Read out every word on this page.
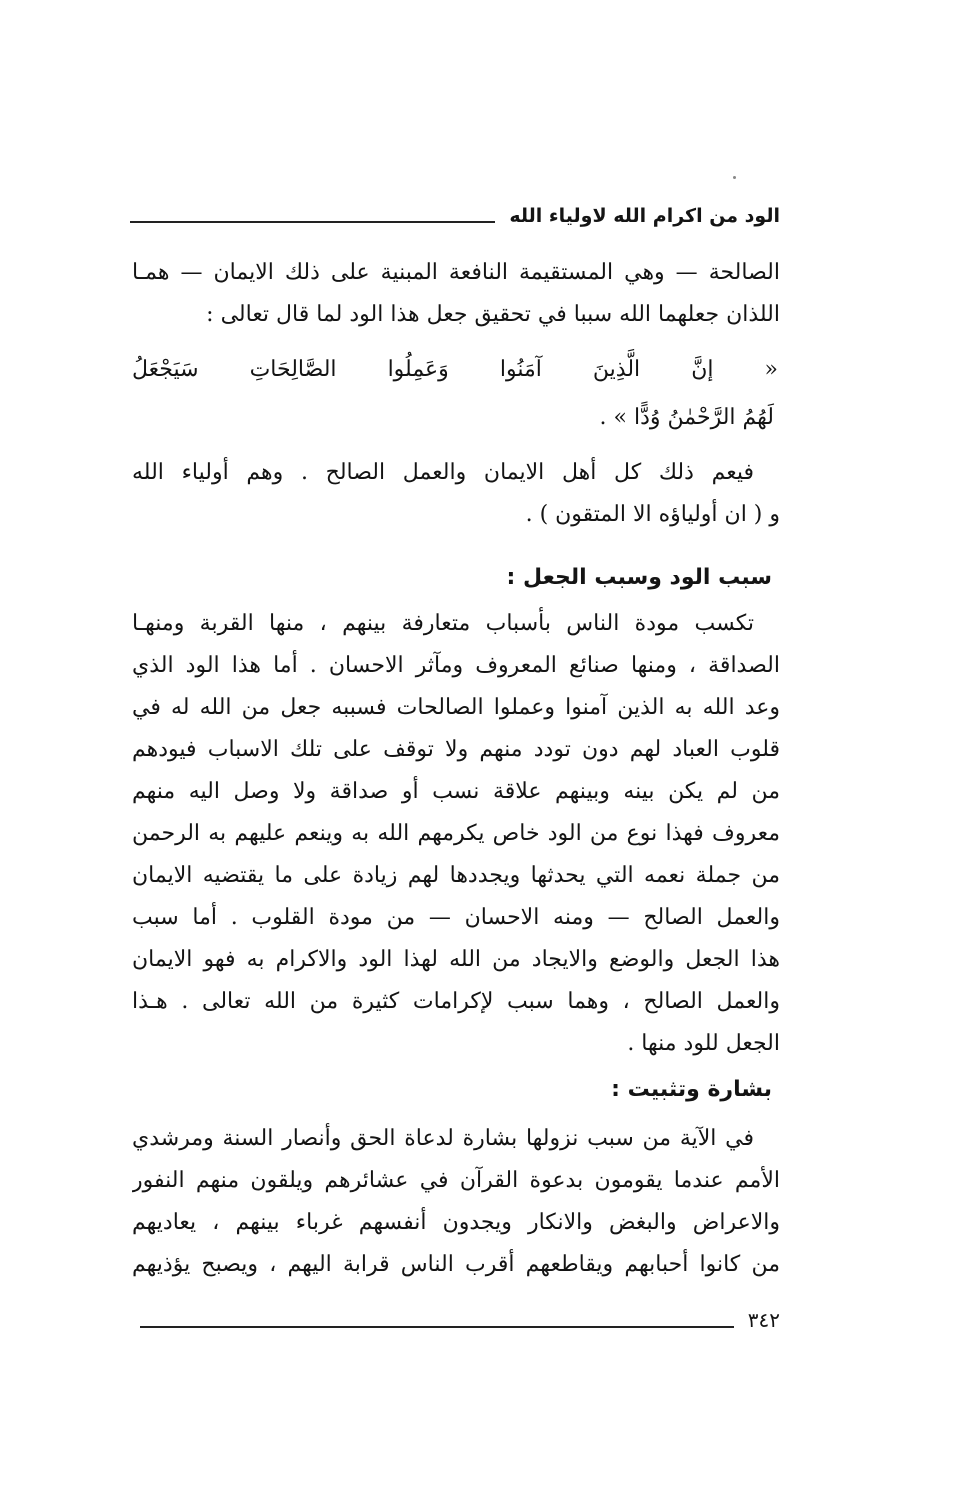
الود من اكرام الله لاولياء الله
الصالحة — وهي المستقيمة النافعة المبنية على ذلك الايمان — همـا
اللذان جعلهما الله سببا في تحقيق جعل هذا الود لما قال تعالى :
« إنَّ الَّذِينَ آمَنُوا وَعَمِلُوا الصَّالِحَاتِ سَيَجْعَلُ
لَهُمُ الرَّحْمٰنُ وُدًّا » .
فيعم ذلك كل أهل الايمان والعمل الصالح . وهم أولياء الله
و ( ان أولياؤه الا المتقون ) .
سبب الود وسبب الجعل :
تكسب مودة الناس بأسباب متعارفة بينهم ، منها القربة ومنهـا
الصداقة ، ومنها صنائع المعروف ومآثر الاحسان . أما هذا الود الذي
وعد الله به الذين آمنوا وعملوا الصالحات فسببه جعل من الله له في
قلوب العباد لهم دون تودد منهم ولا توقف على تلك الاسباب فيودهم
من لم يكن بينه وبينهم علاقة نسب أو صداقة ولا وصل اليه منهم
معروف فهذا نوع من الود خاص يكرمهم الله به وينعم عليهم به الرحمن
من جملة نعمه التي يحدثها ويجددها لهم زيادة على ما يقتضيه الايمان
والعمل الصالح — ومنه الاحسان — من مودة القلوب . أما سبب
هذا الجعل والوضع والايجاد من الله لهذا الود والاكرام به فهو الايمان
والعمل الصالح ، وهما سبب لإكرامات كثيرة من الله تعالى . هـذا
الجعل للود منها .
بشارة وتثبيت :
في الآية من سبب نزولها بشارة لدعاة الحق وأنصار السنة ومرشدي
الأمم عندما يقومون بدعوة القرآن في عشائرهم ويلقون منهم النفور
والاعراض والبغض والانكار ويجدون أنفسهم غرباء بينهم ، يعاديهم
من كانوا أحبابهم ويقاطعهم أقرب الناس قرابة اليهم ، ويصبح يؤذيهم
٣٤٢
